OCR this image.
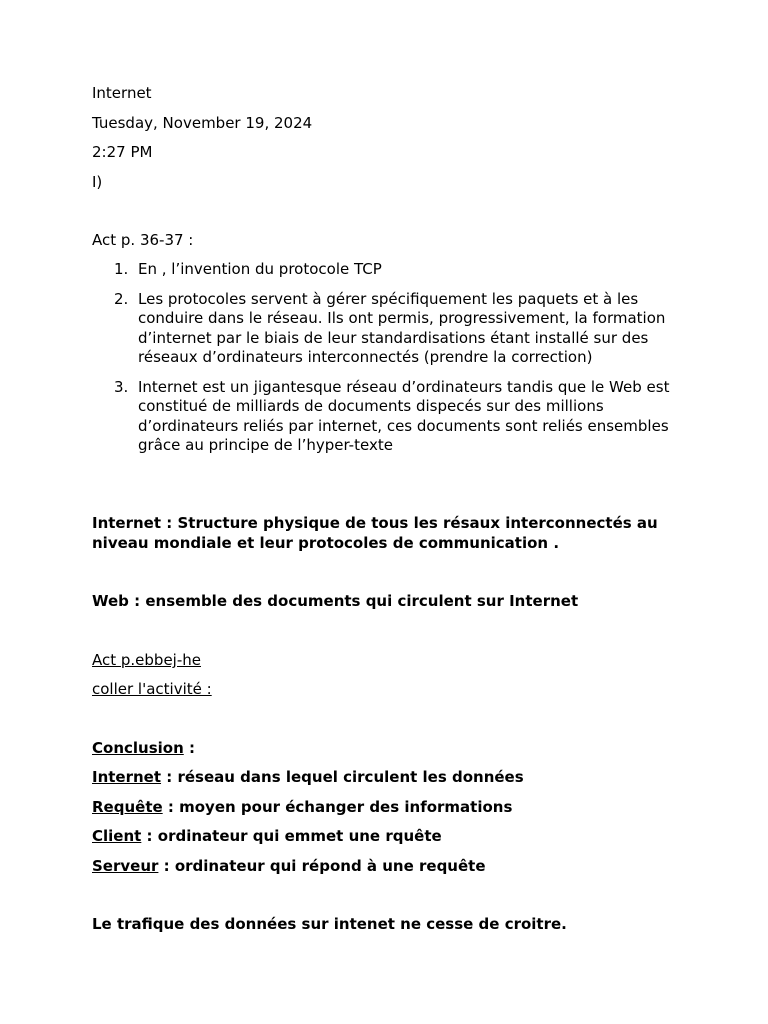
Internet

Tuesday, November 19, 2024

2:27 PM

I)

Act p. 36-37 :

1. En , l’invention du protocole TCP
2. Les protocoles servent à gérer spécifiquement les paquets et à les conduire dans le réseau. Ils ont permis, progressivement, la formation d’internet par le biais de leur standardisations étant installé sur des réseaux d’ordinateurs interconnectés (prendre la correction)
3. Internet est un jigantesque réseau d’ordinateurs tandis que le Web est constitué de milliards de documents dispecés sur des millions d’ordinateurs reliés par internet, ces documents sont reliés ensembles grâce au principe de l’hyper-texte

Internet : Structure physique de tous les résaux interconnectés au niveau mondiale et leur protocoles de communication .

Web : ensemble des documents qui circulent sur Internet

Act p.ebbej-he

coller l'activité :

Conclusion :

Internet : réseau dans lequel circulent les données

Requête : moyen pour échanger des informations

Client : ordinateur qui emmet une rquête

Serveur : ordinateur qui répond à une requête

Le trafique des données sur intenet ne cesse de croitre.
